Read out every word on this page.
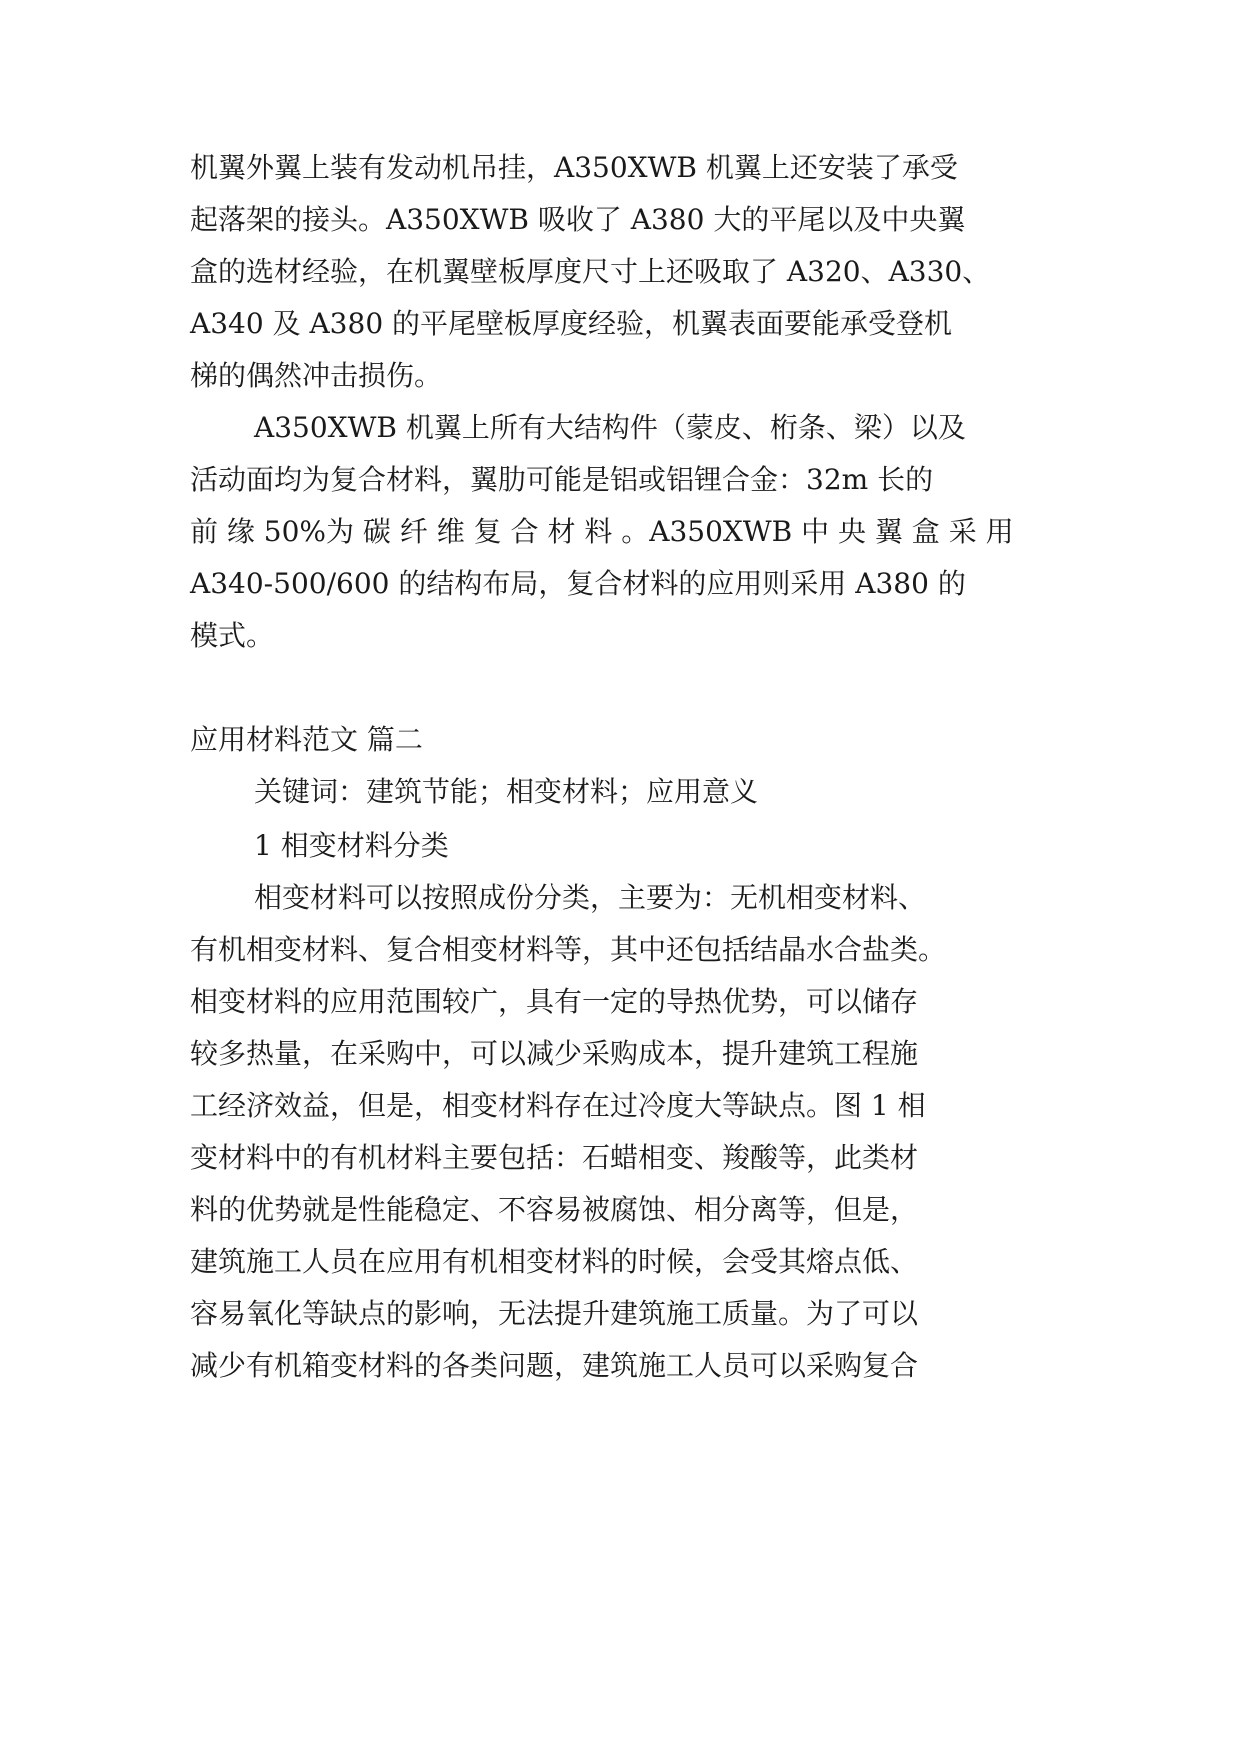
机翼外翼上装有发动机吊挂，A350XWB 机翼上还安装了承受
起落架的接头。A350XWB 吸收了 A380 大的平尾以及中央翼
盒的选材经验，在机翼壁板厚度尺寸上还吸取了 A320、A330、
A340 及 A380 的平尾壁板厚度经验，机翼表面要能承受登机
梯的偶然冲击损伤。
A350XWB 机翼上所有大结构件（蒙皮、桁条、梁）以及
活动面均为复合材料，翼肋可能是铝或铝锂合金：32m 长的
前 缘 50%为 碳 纤 维 复 合 材 料 。A350XWB 中 央 翼 盒 采 用
A340-500/600 的结构布局，复合材料的应用则采用 A380 的
模式。
应用材料范文 篇二
关键词：建筑节能；相变材料；应用意义
1 相变材料分类
相变材料可以按照成份分类，主要为：无机相变材料、
有机相变材料、复合相变材料等，其中还包括结晶水合盐类。
相变材料的应用范围较广，具有一定的导热优势，可以储存
较多热量，在采购中，可以减少采购成本，提升建筑工程施
工经济效益，但是，相变材料存在过冷度大等缺点。图 1 相
变材料中的有机材料主要包括：石蜡相变、羧酸等，此类材
料的优势就是性能稳定、不容易被腐蚀、相分离等，但是，
建筑施工人员在应用有机相变材料的时候，会受其熔点低、
容易氧化等缺点的影响，无法提升建筑施工质量。为了可以
减少有机箱变材料的各类问题，建筑施工人员可以采购复合
